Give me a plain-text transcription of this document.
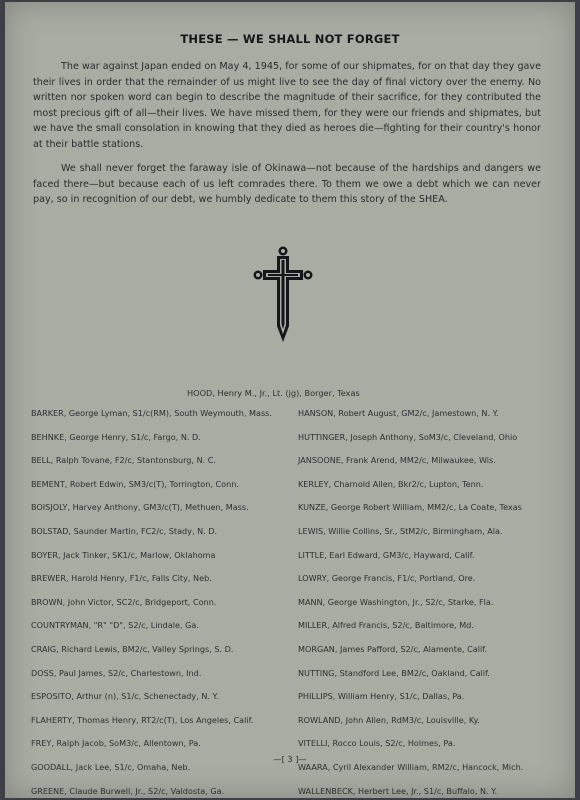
THESE — WE SHALL NOT FORGET

The war against Japan ended on May 4, 1945, for some of our shipmates, for on that day they gave their lives in order that the remainder of us might live to see the day of final victory over the enemy. No written nor spoken word can begin to describe the magnitude of their sacrifice, for they contributed the most precious gift of all—their lives. We have missed them, for they were our friends and shipmates, but we have the small consolation in knowing that they died as heroes die—fighting for their country's honor at their battle stations.

We shall never forget the faraway isle of Okinawa—not because of the hardships and dangers we faced there—but because each of us left comrades there. To them we owe a debt which we can never pay, so in recognition of our debt, we humbly dedicate to them this story of the SHEA.

HOOD, Henry M., Jr., Lt. (jg), Borger, Texas
BARKER, George Lyman, S1/c(RM), South Weymouth, Mass.
BEHNKE, George Henry, S1/c, Fargo, N. D.
BELL, Ralph Tovane, F2/c, Stantonsburg, N. C.
BEMENT, Robert Edwin, SM3/c(T), Torrington, Conn.
BOISJOLY, Harvey Anthony, GM3/c(T), Methuen, Mass.
BOLSTAD, Saunder Martin, FC2/c, Stady, N. D.
BOYER, Jack Tinker, SK1/c, Marlow, Oklahoma
BREWER, Harold Henry, F1/c, Falls City, Neb.
BROWN, John Victor, SC2/c, Bridgeport, Conn.
COUNTRYMAN, "R" "D", S2/c, Lindale, Ga.
CRAIG, Richard Lewis, BM2/c, Valley Springs, S. D.
DOSS, Paul James, S2/c, Charlestown, Ind.
ESPOSITO, Arthur (n), S1/c, Schenectady, N. Y.
FLAHERTY, Thomas Henry, RT2/c(T), Los Angeles, Calif.
FREY, Ralph Jacob, SoM3/c, Allentown, Pa.
GOODALL, Jack Lee, S1/c, Omaha, Neb.
GREENE, Claude Burwell, Jr., S2/c, Valdosta, Ga.
HANSON, Robert August, GM2/c, Jamestown, N. Y.
HUTTINGER, Joseph Anthony, SoM3/c, Cleveland, Ohio
JANSOONE, Frank Arend, MM2/c, Milwaukee, Wis.
KERLEY, Charnold Allen, Bkr2/c, Lupton, Tenn.
KUNZE, George Robert William, MM2/c, La Coate, Texas
LEWIS, Willie Collins, Sr., StM2/c, Birmingham, Ala.
LITTLE, Earl Edward, GM3/c, Hayward, Calif.
LOWRY, George Francis, F1/c, Portland, Ore.
MANN, George Washington, Jr., S2/c, Starke, Fla.
MILLER, Alfred Francis, S2/c, Baltimore, Md.
MORGAN, James Pafford, S2/c, Alamente, Calif.
NUTTING, Standford Lee, BM2/c, Oakland, Calif.
PHILLIPS, William Henry, S1/c, Dallas, Pa.
ROWLAND, John Allen, RdM3/c, Louisville, Ky.
VITELLI, Rocco Louis, S2/c, Holmes, Pa.
WAARA, Cyril Alexander William, RM2/c, Hancock, Mich.
WALLENBECK, Herbert Lee, Jr., S1/c, Buffalo, N. Y.
—[ 3 ]—
